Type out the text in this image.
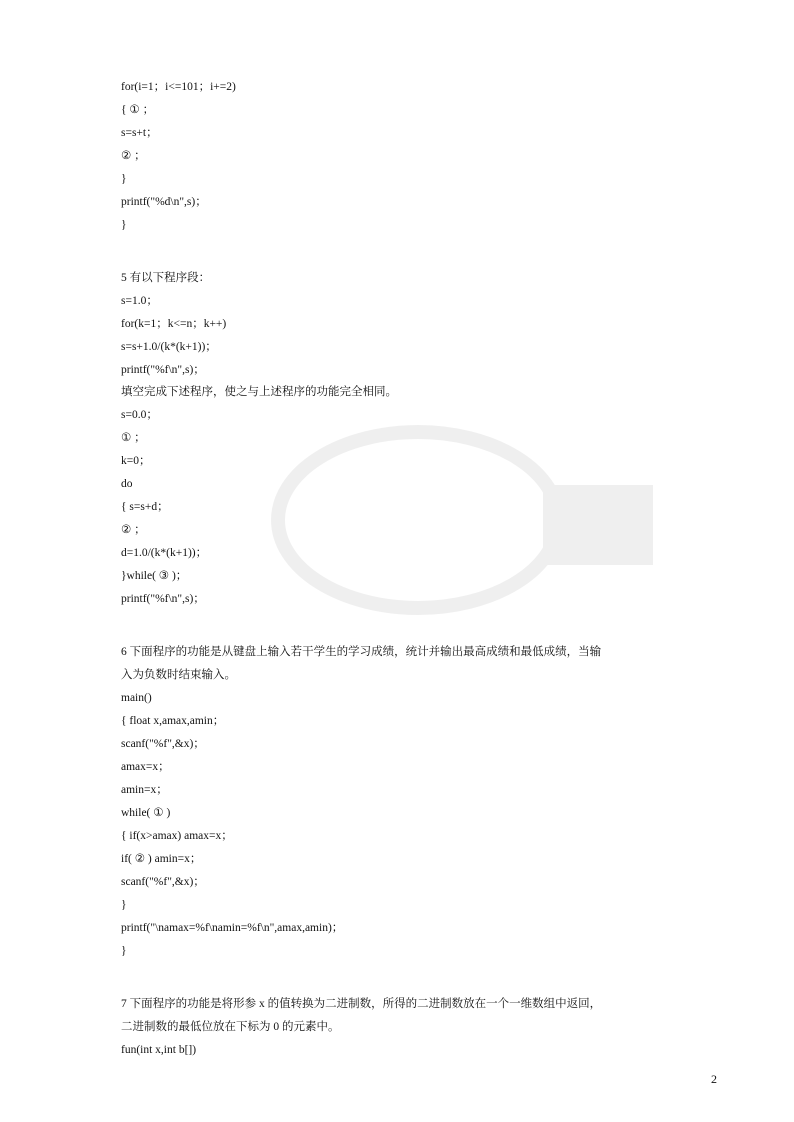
for(i=1；i<=101；i+=2)
{ ① ；
s=s+t；
② ；
}
printf("%d\n",s)；
}
5 有以下程序段：
s=1.0；
for(k=1；k<=n；k++)
s=s+1.0/(k*(k+1))；
printf("%f\n",s)；
填空完成下述程序，使之与上述程序的功能完全相同。
s=0.0；
① ；
k=0；
do
{ s=s+d；
② ；
d=1.0/(k*(k+1))；
}while( ③ )；
printf("%f\n",s)；
6 下面程序的功能是从键盘上输入若干学生的学习成绩，统计并输出最高成绩和最低成绩，当输
入为负数时结束输入。
main()
{ float x,amax,amin；
scanf("%f",&x)；
amax=x；
amin=x；
while( ① )
{ if(x>amax) amax=x；
if( ② ) amin=x；
scanf("%f",&x)；
}
printf("\namax=%f\namin=%f\n",amax,amin)；
}
7 下面程序的功能是将形参 x 的值转换为二进制数，所得的二进制数放在一个一维数组中返回，
二进制数的最低位放在下标为 0 的元素中。
fun(int x,int b[])
2
